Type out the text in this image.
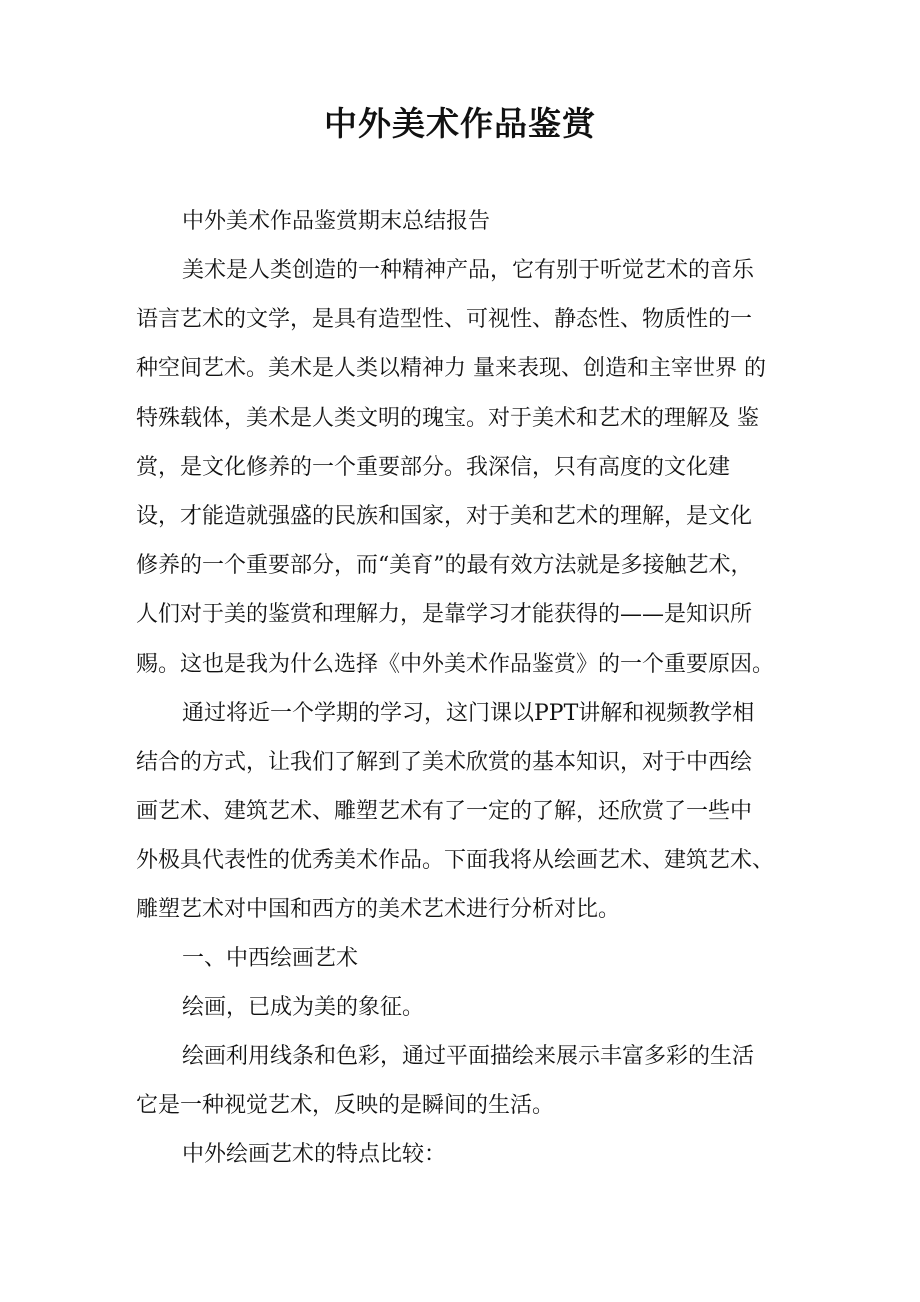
中外美术作品鉴赏
中外美术作品鉴赏期末总结报告
美术是人类创造的一种精神产品，它有别于听觉艺术的音乐
语言艺术的文学，是具有造型性、可视性、静态性、物质性的一
种空间艺术。美术是人类以精神力 量来表现、创造和主宰世界 的
特殊载体，美术是人类文明的瑰宝。对于美术和艺术的理解及 鉴
赏，是文化修养的一个重要部分。我深信，只有高度的文化建
设，才能造就强盛的民族和国家，对于美和艺术的理解，是文化
修养的一个重要部分，而“美育”的最有效方法就是多接触艺术，
人们对于美的鉴赏和理解力，是靠学习才能获得的——是知识所
赐。这也是我为什么选择《中外美术作品鉴赏》的一个重要原因。
通过将近一个学期的学习，这门课以PPT讲解和视频教学相
结合的方式，让我们了解到了美术欣赏的基本知识，对于中西绘
画艺术、建筑艺术、雕塑艺术有了一定的了解，还欣赏了一些中
外极具代表性的优秀美术作品。下面我将从绘画艺术、建筑艺术、
雕塑艺术对中国和西方的美术艺术进行分析对比。
一、中西绘画艺术
绘画，已成为美的象征。
绘画利用线条和色彩，通过平面描绘来展示丰富多彩的生活
它是一种视觉艺术，反映的是瞬间的生活。
中外绘画艺术的特点比较：
